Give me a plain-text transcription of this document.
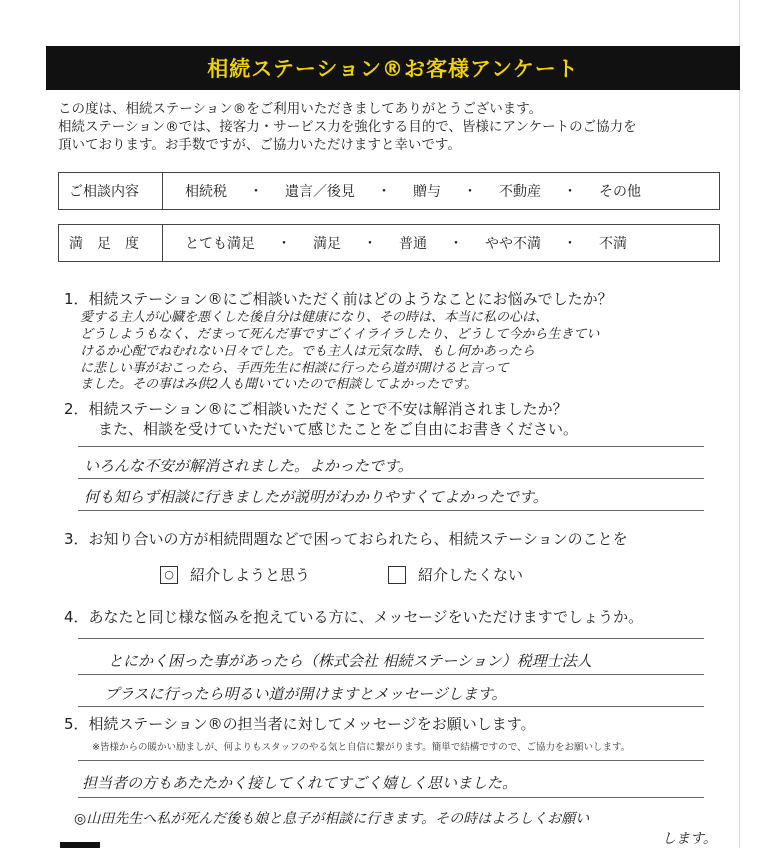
相続ステーション®お客様アンケート
この度は、相続ステーション®をご利用いただきましてありがとうございます。
相続ステーション®では、接客力・サービス力を強化する目的で、皆様にアンケートのご協力を
頂いております。お手数ですが、ご協力いただけますと幸いです。
ご相談内容	相続税 ・ 遺言／後見 ・ 贈与 ・ 不動産 ・ その他
満　足　度	とても満足 ・ 満足 ・ 普通 ・ やや不満 ・ 不満
1．相続ステーション®にご相談いただく前はどのようなことにお悩みでしたか？
愛する主人が心臓を悪くした後自分は健康になり、その時は、本当に私の心は、
どうしようもなく、だまって死んだ事ですごくイライラしたり、どうして今から生きてい
けるか心配でねむれない日々でした。でも主人は元気な時、もし何かあったら
に悲しい事がおこったら、手西先生に相談に行ったら道が開けると言って
ました。その事はみ供2人も聞いていたので相談してよかったです。
2．相続ステーション®にご相談いただくことで不安は解消されましたか？
また、相談を受けていただいて感じたことをご自由にお書きください。
いろんな不安が解消されました。よかったです。
何も知らず相談に行きましたが説明がわかりやすくてよかったです。
3．お知り合いの方が相続問題などで困っておられたら、相続ステーションのことを
○ 紹介しようと思う	紹介したくない
4．あなたと同じ様な悩みを抱えている方に、メッセージをいただけますでしょうか。
とにかく困った事があったら（株式会社 相続ステーション）税理士法人
プラスに行ったら明るい道が開けますとメッセージします。
5．相続ステーション®の担当者に対してメッセージをお願いします。
※皆様からの暖かい励ましが、何よりもスタッフのやる気と自信に繋がります。簡単で結構ですので、ご協力をお願いします。
担当者の方もあたたかく接してくれてすごく嬉しく思いました。
◎山田先生へ私が死んだ後も娘と息子が相談に行きます。その時はよろしくお願い
します。
